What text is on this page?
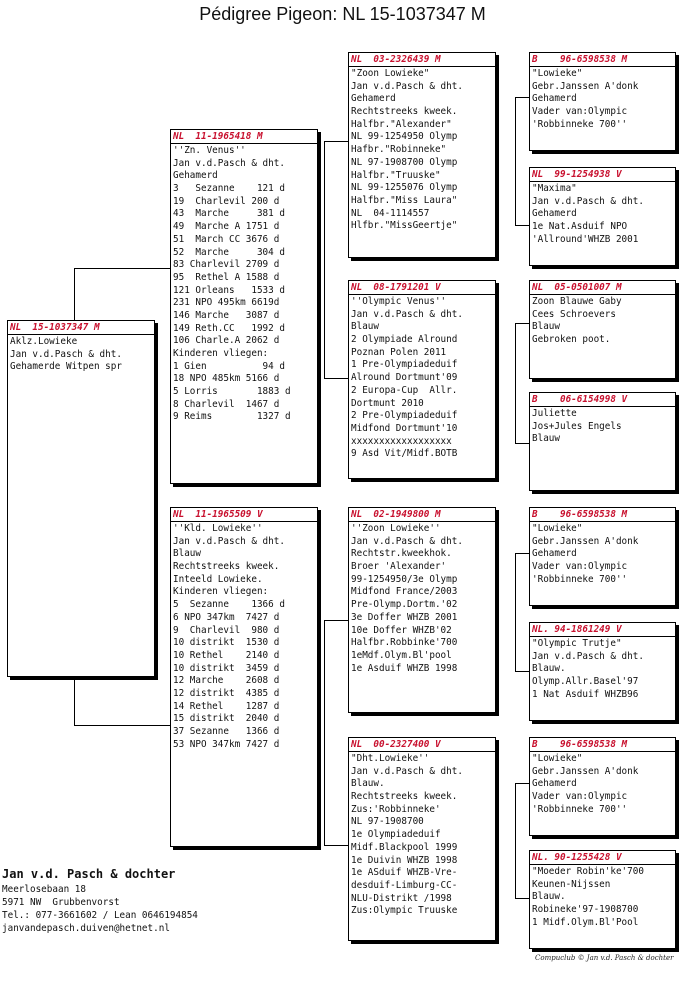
Pédigree Pigeon: NL 15-1037347 M
NL  15-1037347 M
Aklz.Lowieke
Jan v.d.Pasch & dht.
Gehamerde Witpen spr
NL  11-1965418 M
''Zn. Venus''
Jan v.d.Pasch & dht.
Gehamerd
3   Sezanne    121 d
19  Charlevil 200 d
43  Marche     381 d
49  Marche A 1751 d
51  March CC 3676 d
52  Marche     304 d
83 Charlevil 2709 d
95  Rethel A 1588 d
121 Orleans   1533 d
231 NPO 495km 6619d
146 Marche   3087 d
149 Reth.CC   1992 d
106 Charle.A 2062 d
Kinderen vliegen:
1 Gien          94 d
18 NPO 485km 5166 d
5 Lorris       1883 d
8 Charlevil  1467 d
9 Reims        1327 d
NL  11-1965509 V
''Kld. Lowieke''
Jan v.d.Pasch & dht.
Blauw
Rechtstreeks kweek.
Inteeld Lowieke.
Kinderen vliegen:
5  Sezanne    1366 d
6 NPO 347km  7427 d
9  Charlevil  980 d
10 distrikt  1530 d
10 Rethel    2140 d
10 distrikt  3459 d
12 Marche    2608 d
12 distrikt  4385 d
14 Rethel    1287 d
15 distrikt  2040 d
37 Sezanne   1366 d
53 NPO 347km 7427 d
NL  03-2326439 M
"Zoon Lowieke"
Jan v.d.Pasch & dht.
Gehamerd
Rechtstreeks kweek.
Halfbr."Alexander"
NL 99-1254950 Olymp
Hafbr."Robinneke"
NL 97-1908700 Olymp
Halfbr."Truuske"
NL 99-1255076 Olymp
Halfbr."Miss Laura"
NL  04-1114557
Hlfbr."MissGeertje"
NL  08-1791201 V
''Olympic Venus''
Jan v.d.Pasch & dht.
Blauw
2 Olympiade Alround
Poznan Polen 2011
1 Pre-Olympiadeduif
Alround Dortmunt'09
2 Europa-Cup  Allr.
Dortmunt 2010
2 Pre-Olympiadeduif
Midfond Dortmunt'10
xxxxxxxxxxxxxxxxxx
9 Asd Vit/Midf.BOTB
NL  02-1949800 M
''Zoon Lowieke''
Jan v.d.Pasch & dht.
Rechtstr.kweekhok.
Broer 'Alexander'
99-1254950/3e Olymp
Midfond France/2003
Pre-Olymp.Dortm.'02
3e Doffer WHZB 2001
10e Doffer WHZB'02
Halfbr.Robbinke'700
1eMdf.Olym.Bl'pool
1e Asduif WHZB 1998
NL  00-2327400 V
"Dht.Lowieke''
Jan v.d.Pasch & dht.
Blauw.
Rechtstreeks kweek.
Zus:'Robbinneke'
NL 97-1908700
1e Olympiadeduif
Midf.Blackpool 1999
1e Duivin WHZB 1998
1e ASduif WHZB-Vre-
desduif-Limburg-CC-
NLU-Distrikt /1998
Zus:Olympic Truuske
B    96-6598538 M
"Lowieke"
Gebr.Janssen A'donk
Gehamerd
Vader van:Olympic
'Robbinneke 700''
NL  99-1254938 V
"Maxima"
Jan v.d.Pasch & dht.
Gehamerd
1e Nat.Asduif NPO
'Allround'WHZB 2001
NL  05-0501007 M
Zoon Blauwe Gaby
Cees Schroevers
Blauw
Gebroken poot.
B    06-6154998 V
Juliette
Jos+Jules Engels
Blauw
B    96-6598538 M
"Lowieke"
Gebr.Janssen A'donk
Gehamerd
Vader van:Olympic
'Robbinneke 700''
NL. 94-1861249 V
"Olympic Trutje"
Jan v.d.Pasch & dht.
Blauw.
Olymp.Allr.Basel'97
1 Nat Asduif WHZB96
B    96-6598538 M
"Lowieke"
Gebr.Janssen A'donk
Gehamerd
Vader van:Olympic
'Robbinneke 700''
NL. 90-1255428 V
"Moeder Robin'ke'700
Keunen-Nijssen
Blauw.
Robineke'97-1908700
1 Midf.Olym.Bl'Pool
Jan v.d. Pasch & dochter
Meerlosebaan 18
5971 NW  Grubbenvorst
Tel.: 077-3661602 / Lean 0646194854
janvandepasch.duiven@hetnet.nl
Compuclub © Jan v.d. Pasch & dochter
